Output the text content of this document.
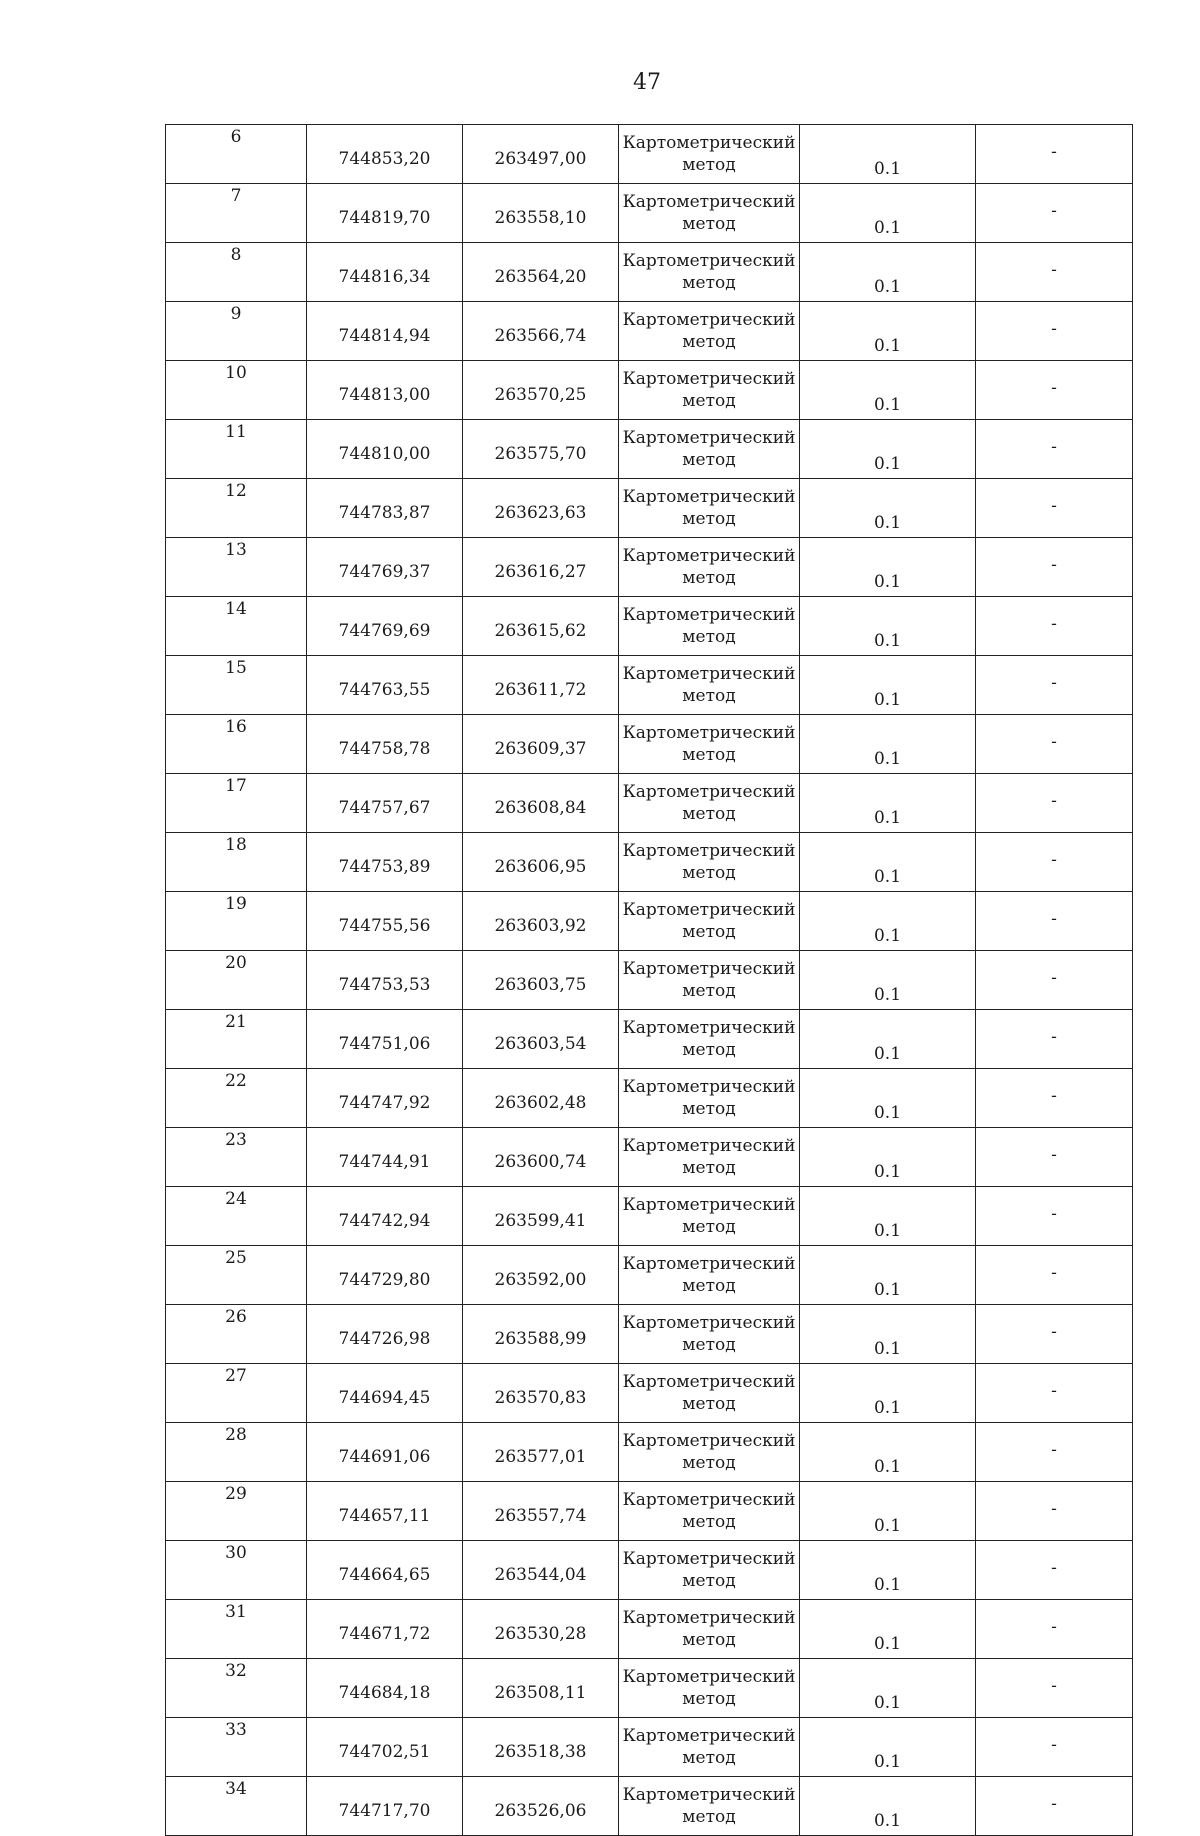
47
6	744853,20	263497,00	Картометрический
метод	0.1	-
7	744819,70	263558,10	Картометрический
метод	0.1	-
8	744816,34	263564,20	Картометрический
метод	0.1	-
9	744814,94	263566,74	Картометрический
метод	0.1	-
10	744813,00	263570,25	Картометрический
метод	0.1	-
11	744810,00	263575,70	Картометрический
метод	0.1	-
12	744783,87	263623,63	Картометрический
метод	0.1	-
13	744769,37	263616,27	Картометрический
метод	0.1	-
14	744769,69	263615,62	Картометрический
метод	0.1	-
15	744763,55	263611,72	Картометрический
метод	0.1	-
16	744758,78	263609,37	Картометрический
метод	0.1	-
17	744757,67	263608,84	Картометрический
метод	0.1	-
18	744753,89	263606,95	Картометрический
метод	0.1	-
19	744755,56	263603,92	Картометрический
метод	0.1	-
20	744753,53	263603,75	Картометрический
метод	0.1	-
21	744751,06	263603,54	Картометрический
метод	0.1	-
22	744747,92	263602,48	Картометрический
метод	0.1	-
23	744744,91	263600,74	Картометрический
метод	0.1	-
24	744742,94	263599,41	Картометрический
метод	0.1	-
25	744729,80	263592,00	Картометрический
метод	0.1	-
26	744726,98	263588,99	Картометрический
метод	0.1	-
27	744694,45	263570,83	Картометрический
метод	0.1	-
28	744691,06	263577,01	Картометрический
метод	0.1	-
29	744657,11	263557,74	Картометрический
метод	0.1	-
30	744664,65	263544,04	Картометрический
метод	0.1	-
31	744671,72	263530,28	Картометрический
метод	0.1	-
32	744684,18	263508,11	Картометрический
метод	0.1	-
33	744702,51	263518,38	Картометрический
метод	0.1	-
34	744717,70	263526,06	Картометрический
метод	0.1	-
